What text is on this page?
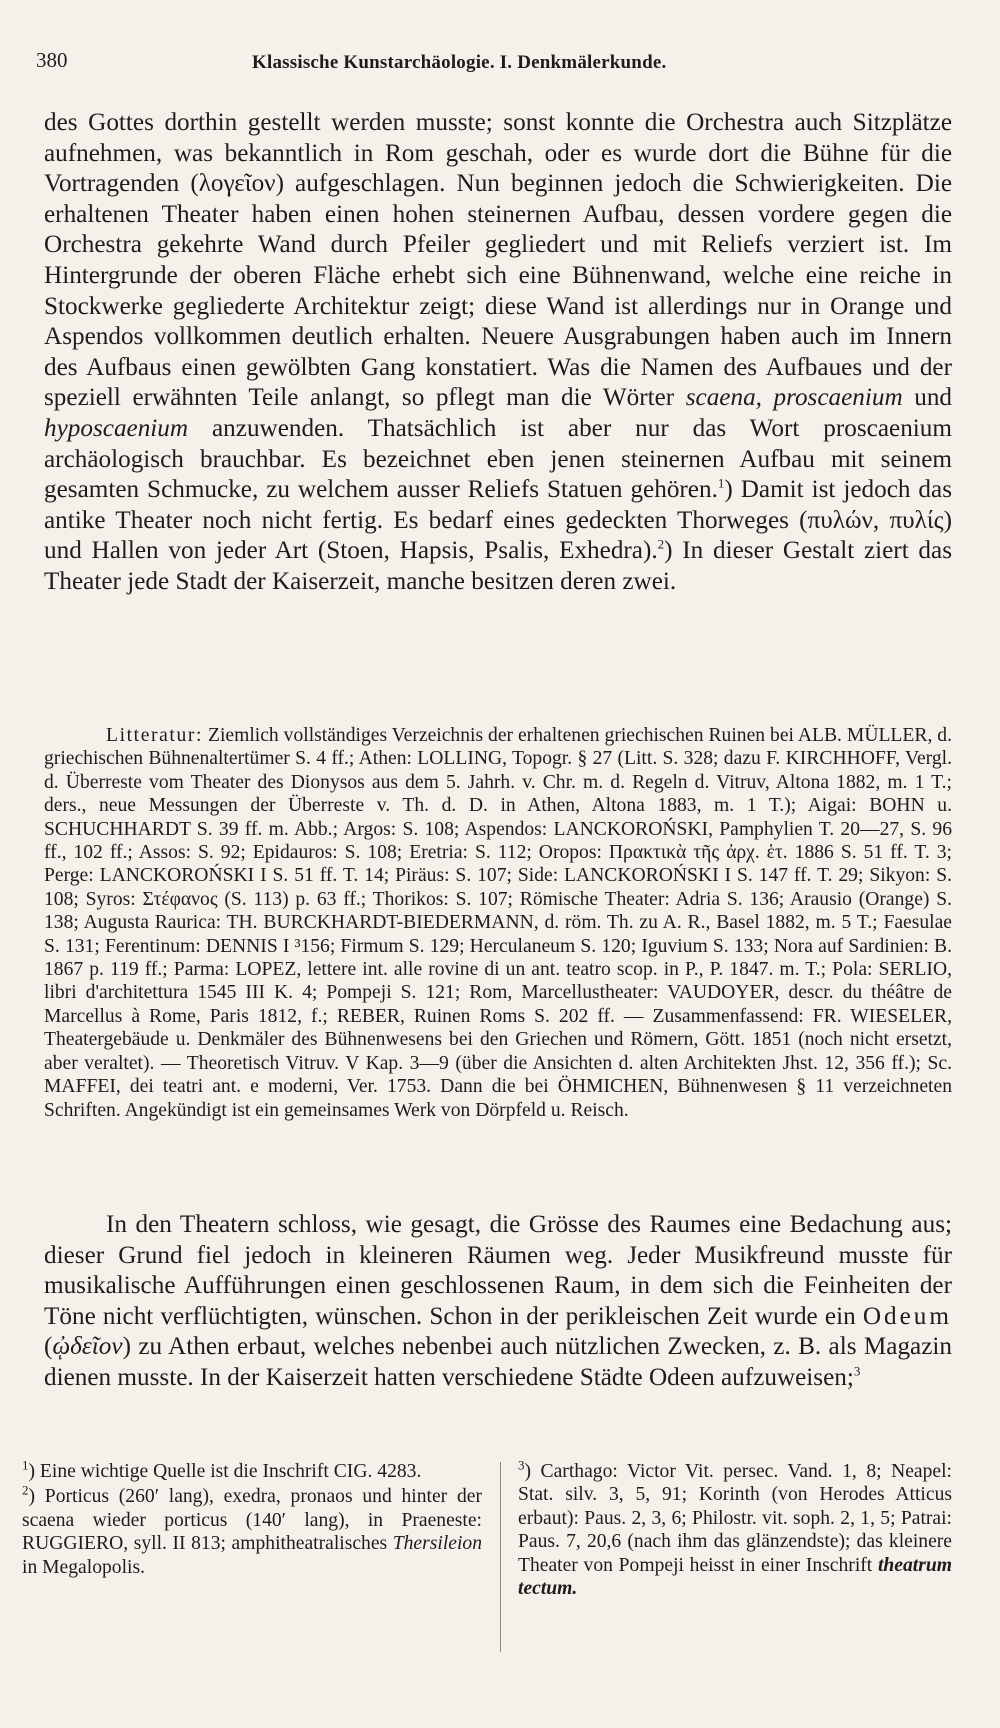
380	Klassische Kunstarchäologie. I. Denkmälerkunde.

des Gottes dorthin gestellt werden musste; sonst konnte die Orchestra auch Sitzplätze aufnehmen, was bekanntlich in Rom geschah, oder es wurde dort die Bühne für die Vortragenden (λογεῖον) aufgeschlagen. Nun beginnen jedoch die Schwierigkeiten. Die erhaltenen Theater haben einen hohen steinernen Aufbau, dessen vordere gegen die Orchestra gekehrte Wand durch Pfeiler gegliedert und mit Reliefs verziert ist. Im Hintergrunde der oberen Fläche erhebt sich eine Bühnenwand, welche eine reiche in Stockwerke gegliederte Architektur zeigt; diese Wand ist allerdings nur in Orange und Aspendos vollkommen deutlich erhalten. Neuere Ausgrabungen haben auch im Innern des Aufbaus einen gewölbten Gang konstatiert. Was die Namen des Aufbaues und der speziell erwähnten Teile anlangt, so pflegt man die Wörter scaena, proscaenium und hyposcaenium anzuwenden. Thatsächlich ist aber nur das Wort proscaenium archäologisch brauchbar. Es bezeichnet eben jenen steinernen Aufbau mit seinem gesamten Schmucke, zu welchem ausser Reliefs Statuen gehören.$^1$) Damit ist jedoch das antike Theater noch nicht fertig. Es bedarf eines gedeckten Thorweges (πυλών, πυλίς) und Hallen von jeder Art (Stoen, Hapsis, Psalis, Exhedra).$^2$) In dieser Gestalt ziert das Theater jede Stadt der Kaiserzeit, manche besitzen deren zwei.

Litteratur: Ziemlich vollständiges Verzeichnis der erhaltenen griechischen Ruinen bei ALB. MÜLLER, d. griechischen Bühnenaltertümer S. 4 ff.; Athen: LOLLING, Topogr. § 27 (Litt. S. 328; dazu F. KIRCHHOFF, Vergl. d. Überreste vom Theater des Dionysos aus dem 5. Jahrh. v. Chr. m. d. Regeln d. Vitruv, Altona 1882, m. 1 T.; ders., neue Messungen der Überreste v. Th. d. D. in Athen, Altona 1883, m. 1 T.); Aigai: BOHN u. SCHUCHHARDT S. 39 ff. m. Abb.; Argos: S. 108; Aspendos: LANCKOROŃSKI, Pamphylien T. 20—27, S. 96 ff., 102 ff.; Assos: S. 92; Epidauros: S. 108; Eretria: S. 112; Oropos: Πρακτικὰ τῆς ἀρχ. ἑτ. 1886 S. 51 ff. T. 3; Perge: LANCKOROŃSKI I S. 51 ff. T. 14; Piräus: S. 107; Side: LANCKOROŃSKI I S. 147 ff. T. 29; Sikyon: S. 108; Syros: Στέφανος (S. 113) p. 63 ff.; Thorikos: S. 107; Römische Theater: Adria S. 136; Arausio (Orange) S. 138; Augusta Raurica: TH. BURCKHARDT-BIEDERMANN, d. röm. Th. zu A. R., Basel 1882, m. 5 T.; Faesulae S. 131; Ferentinum: DENNIS I ³156; Firmum S. 129; Herculaneum S. 120; Iguvium S. 133; Nora auf Sardinien: B. 1867 p. 119 ff.; Parma: LOPEZ, lettere int. alle rovine di un ant. teatro scop. in P., P. 1847. m. T.; Pola: SERLIO, libri d'architettura 1545 III K. 4; Pompeji S. 121; Rom, Marcellustheater: VAUDOYER, descr. du théâtre de Marcellus à Rome, Paris 1812, f.; REBER, Ruinen Roms S. 202 ff. — Zusammenfassend: FR. WIESELER, Theatergebäude u. Denkmäler des Bühnenwesens bei den Griechen und Römern, Gött. 1851 (noch nicht ersetzt, aber veraltet). — Theoretisch Vitruv. V Kap. 3—9 (über die Ansichten d. alten Architekten Jhst. 12, 356 ff.); Sc. MAFFEI, dei teatri ant. e moderni, Ver. 1753. Dann die bei ÖHMICHEN, Bühnenwesen § 11 verzeichneten Schriften. Angekündigt ist ein gemeinsames Werk von Dörpfeld u. Reisch.
In den Theatern schloss, wie gesagt, die Grösse des Raumes eine Bedachung aus; dieser Grund fiel jedoch in kleineren Räumen weg. Jeder Musikfreund musste für musikalische Aufführungen einen geschlossenen Raum, in dem sich die Feinheiten der Töne nicht verflüchtigten, wünschen. Schon in der perikleischen Zeit wurde ein Odeum (ᾠδεῖον) zu Athen erbaut, welches nebenbei auch nützlichen Zwecken, z. B. als Magazin dienen musste. In der Kaiserzeit hatten verschiedene Städte Odeen aufzuweisen;$^3$

$^1$) Eine wichtige Quelle ist die Inschrift CIG. 4283.

$^2$) Porticus (260′ lang), exedra, pronaos und hinter der scaena wieder porticus (140′ lang), in Praeneste: RUGGIERO, syll. II 813; amphitheatralisches Thersileion in Megalopolis.

$^3$) Carthago: Victor Vit. persec. Vand. 1, 8; Neapel: Stat. silv. 3, 5, 91; Korinth (von Herodes Atticus erbaut): Paus. 2, 3, 6; Philostr. vit. soph. 2, 1, 5; Patrai: Paus. 7, 20,6 (nach ihm das glänzendste); das kleinere Theater von Pompeji heisst in einer Inschrift theatrum tectum.
